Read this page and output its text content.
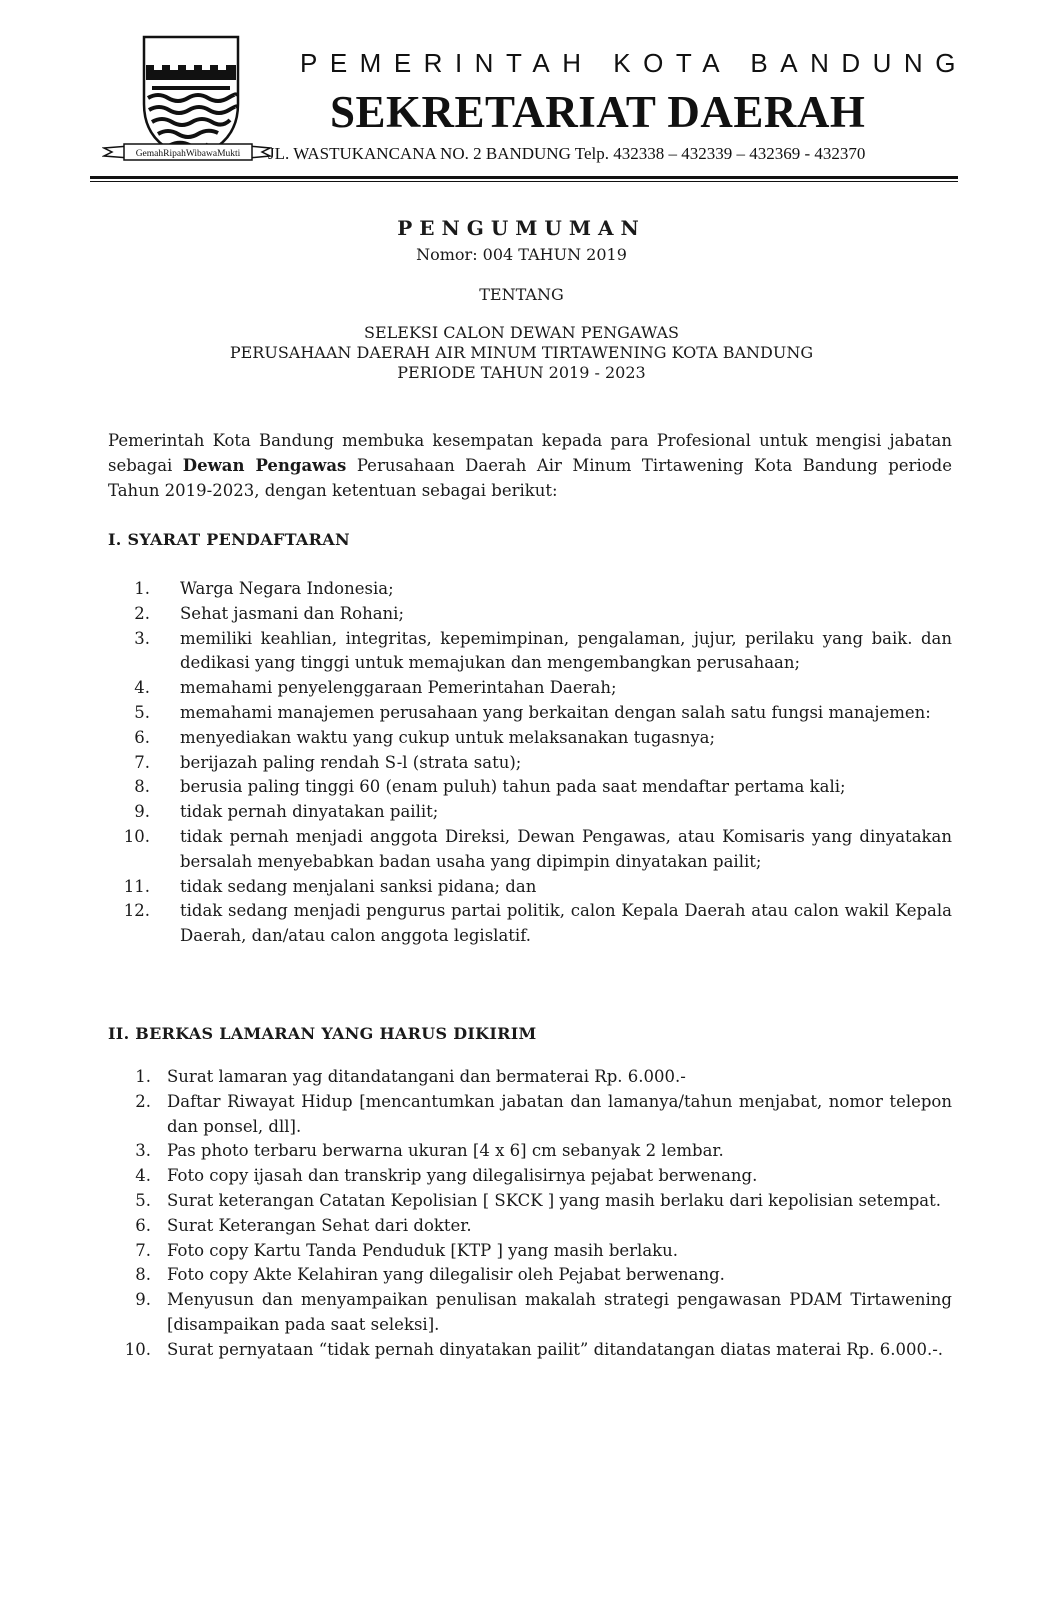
GemahRipahWibawaMukti
PEMERINTAH KOTA BANDUNG
SEKRETARIAT DAERAH
JL. WASTUKANCANA NO. 2 BANDUNG Telp. 432338 – 432339 – 432369 - 432370
PENGUMUMAN
Nomor: 004 TAHUN 2019
TENTANG
SELEKSI CALON DEWAN PENGAWAS
PERUSAHAAN DAERAH AIR MINUM TIRTAWENING KOTA BANDUNG
PERIODE TAHUN 2019 - 2023

Pemerintah Kota Bandung membuka kesempatan kepada para Profesional untuk mengisi jabatan sebagai Dewan Pengawas Perusahaan Daerah Air Minum Tirtawening Kota Bandung periode Tahun 2019-2023, dengan ketentuan sebagai berikut:

I. SYARAT PENDAFTARAN
1. Warga Negara Indonesia;
2. Sehat jasmani dan Rohani;
3. memiliki keahlian, integritas, kepemimpinan, pengalaman, jujur, perilaku yang baik. dan dedikasi yang tinggi untuk memajukan dan mengembangkan perusahaan;
4. memahami penyelenggaraan Pemerintahan Daerah;
5. memahami manajemen perusahaan yang berkaitan dengan salah satu fungsi manajemen:
6. menyediakan waktu yang cukup untuk melaksanakan tugasnya;
7. berijazah paling rendah S-l (strata satu);
8. berusia paling tinggi 60 (enam puluh) tahun pada saat mendaftar pertama kali;
9. tidak pernah dinyatakan pailit;
10. tidak pernah menjadi anggota Direksi, Dewan Pengawas, atau Komisaris yang dinyatakan bersalah menyebabkan badan usaha yang dipimpin dinyatakan pailit;
11. tidak sedang menjalani sanksi pidana; dan
12. tidak sedang menjadi pengurus partai politik, calon Kepala Daerah atau calon wakil Kepala Daerah, dan/atau calon anggota legislatif.
II. BERKAS LAMARAN YANG HARUS DIKIRIM
1. Surat lamaran yag ditandatangani dan bermaterai Rp. 6.000.-
2. Daftar Riwayat Hidup [mencantumkan jabatan dan lamanya/tahun menjabat, nomor telepon dan ponsel, dll].
3. Pas photo terbaru berwarna ukuran [4 x 6] cm sebanyak 2 lembar.
4. Foto copy ijasah dan transkrip yang dilegalisirnya pejabat berwenang.
5. Surat keterangan Catatan Kepolisian [ SKCK ] yang masih berlaku dari kepolisian setempat.
6. Surat Keterangan Sehat dari dokter.
7. Foto copy Kartu Tanda Penduduk [KTP ] yang masih berlaku.
8. Foto copy Akte Kelahiran yang dilegalisir oleh Pejabat berwenang.
9. Menyusun dan menyampaikan penulisan makalah strategi pengawasan PDAM Tirtawening [disampaikan pada saat seleksi].
10. Surat pernyataan “tidak pernah dinyatakan pailit” ditandatangan diatas materai Rp. 6.000.-.
